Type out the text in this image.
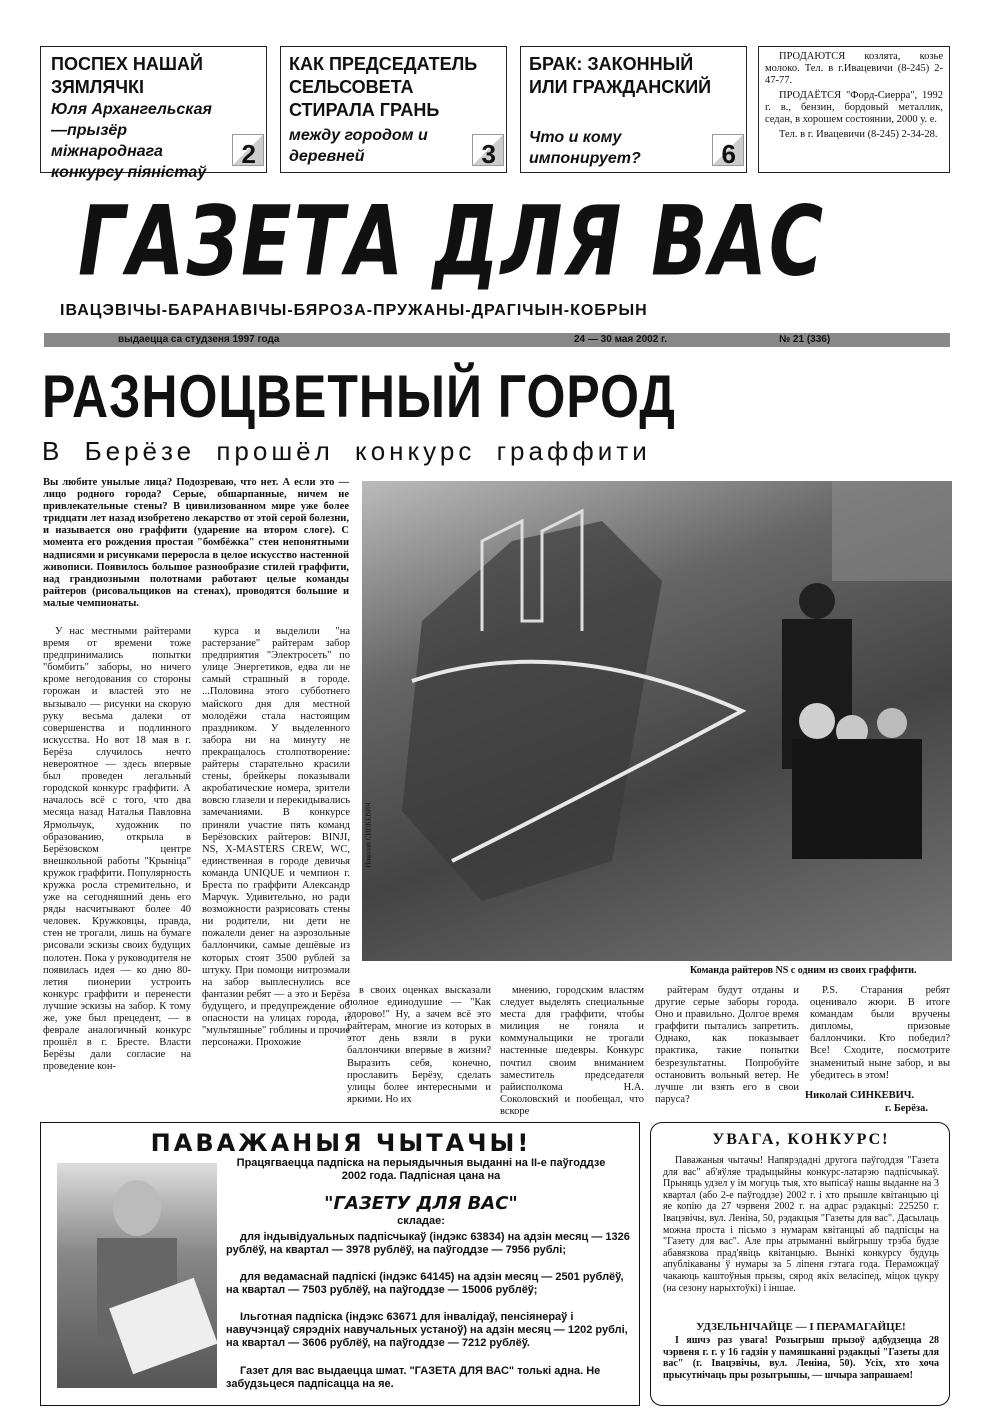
ПОСПЕХ НАШАЙ ЗЯМЛЯЧКІ
Юля Архангельская —прызёр міжнароднага конкурсу піяністаў
2
КАК ПРЕДСЕДАТЕЛЬ СЕЛЬСОВЕТА СТИРАЛА ГРАНЬ
между городом и деревней	3
БРАК: ЗАКОННЫЙ ИЛИ ГРАЖДАНСКИЙ
Что и кому импонирует?	6

ПРОДАЮТСЯ козлята, козье молоко. Тел. в г.Ивацевичи (8-245) 2-47-77.

ПРОДАЁТСЯ "Форд-Сиерра", 1992 г. в., бензин, бордовый металлик, седан, в хорошем состоянии, 2000 у. е.

Тел. в г. Ивацевичи (8-245) 2-34-28.

ГАЗЕТА ДЛЯ ВАС
ІВАЦЭВІЧЫ-БАРАНАВІЧЫ-БЯРОЗА-ПРУЖАНЫ-ДРАГІЧЫН-КОБРЫН
выдаецца са студзеня 1997 года	24 — 30 мая 2002 г.	№ 21 (336)
РАЗНОЦВЕТНЫЙ ГОРОД
В Берёзе прошёл конкурс граффити
Вы любите унылые лица? Подозреваю, что нет. А если это — лицо родного города? Серые, обшарпанные, ничем не привлекательные стены? В цивилизованном мире уже более тридцати лет назад изобретено лекарство от этой серой болезни, и называется оно граффити (ударение на втором слоге). С момента его рождения простая "бомбёжка" стен непонятными надписями и рисунками переросла в целое искусство настенной живописи. Появилось большое разнообразие стилей граффити, над грандиозными полотнами работают целые команды райтеров (рисовальщиков на стенах), проводятся большие и малые чемпионаты.

У нас местными райтерами время от времени тоже предпринимались попытки "бомбить" заборы, но ничего кроме негодования со стороны горожан и властей это не вызывало — рисунки на скорую руку весьма далеки от совершенства и подлинного искусства. Но вот 18 мая в г. Берёза случилось нечто невероятное — здесь впервые был проведен легальный городской конкурс граффити. А началось всё с того, что два месяца назад Наталья Павловна Ярмольчук, художник по образованию, открыла в Берёзовском центре внешкольной работы "Крыніца" кружок граффити. Популярность кружка росла стремительно, и уже на сегодняшний день его ряды насчитывают более 40 человек. Кружковцы, правда, стен не трогали, лишь на бумаге рисовали эскизы своих будущих полотен. Пока у руководителя не появилась идея — ко дню 80-летия пионерии устроить конкурс граффити и перенести лучшие эскизы на забор. К тому же, уже был прецедент, — в феврале аналогичный конкурс прошёл в г. Бресте. Власти Берёзы дали согласие на проведение кон-

курса и выделили "на растерзание" райтерам забор предприятия "Электросеть" по улице Энергетиков, едва ли не самый страшный в городе. ...Половина этого субботнего майского дня для местной молодёжи стала настоящим праздником. У выделенного забора ни на минуту не прекращалось столпотворение: райтеры старательно красили стены, брейкеры показывали акробатические номера, зрители вовсю глазели и перекидывались замечаниями. В конкурсе приняли участие пять команд Берёзовских райтеров: BINJI, NS, X-MASTERS CREW, WC, единственная в городе девичья команда UNIQUE и чемпион г. Бреста по граффити Александр Марчук. Удивительно, но ради возможности разрисовать стены ни родители, ни дети не пожалели денег на аэрозольные баллончики, самые дешёвые из которых стоят 3500 рублей за штуку. При помощи нитроэмали на забор выплеснулись все фантазии ребят — а это и Берёза будущего, и предупреждение об опасности на улицах города, и "мультяшные" гоблины и прочие персонажи. Прохожие

Николай СИНКЕВИЧ
Команда райтеров NS с одним из своих граффити.

в своих оценках высказали полное единодушие — "Как здорово!" Ну, а зачем всё это райтерам, многие из которых в этот день взяли в руки баллончики впервые в жизни? Выразить себя, конечно, прославить Берёзу, сделать улицы более интересными и яркими. Но их

мнению, городским властям следует выделять специальные места для граффити, чтобы милиция не гоняла и коммунальщики не трогали настенные шедевры. Конкурс почтил своим вниманием заместитель председателя райисполкома Н.А. Соколовский и пообещал, что вскоре

райтерам будут отданы и другие серые заборы города. Оно и правильно. Долгое время граффити пытались запретить. Однако, как показывает практика, такие попытки безрезультатны. Попробуйте остановить вольный ветер. Не лучше ли взять его в свои паруса?

P.S. Старания ребят оценивало жюри. В итоге командам были вручены дипломы, призовые баллончики. Кто победил? Все! Сходите, посмотрите знаменитый ныне забор, и вы убедитесь в этом!

Николай СИНКЕВИЧ.
г. Берёза.
ПАВАЖАНЫЯ ЧЫТАЧЫ!
Працягваецца падпіска на перыядычныя выданні на II-е паўгоддзе 2002 года. Падпісная цана на
"ГАЗЕТУ ДЛЯ ВАС"
складае:
для індывідуальных падпісчыкаў (індэкс 63834) на адзін месяц — 1326 рублёў, на квартал — 3978 рублёў, на паўгоддзе — 7956 рублі;
для ведамаснай падпіскі (індэкс 64145) на адзін месяц — 2501 рублёў, на квартал — 7503 рублёў, на паўгоддзе — 15006 рублёў;
Ільготная падпіска (індэкс 63671 для інвалідаў, пенсіянераў і навучэнцаў сярэдніх навучальных устаноў) на адзін месяц — 1202 рублі, на квартал — 3606 рублёў, на паўгоддзе — 7212 рублёў.
Газет для вас выдаецца шмат. "ГАЗЕТА ДЛЯ ВАС" толькі адна. Не забудзьцеся падпісацца на яе.
УВАГА, КОНКУРС!
Паважаныя чытачы! Напярэдадні другога паўгоддзя "Газета для вас" аб'яўляе традыцыйны конкурс-латарэю падпісчыкаў. Прыняць удзел у ім могуць тыя, хто выпісаў нашы выданне на 3 квартал (або 2-е паўгоддзе) 2002 г. і хто прышле квітанцыю ці яе копію да 27 чэрвеня 2002 г. на адрас рэдакцыі: 225250 г. Івацэвічы, вул. Леніна, 50, рэдакцыя "Газеты для вас". Дасылаць можна проста і пісьмо з нумарам квітанцыі аб падпісцы на "Газету для вас". Але пры атрыманні выйгрышу трэба будзе абавязкова прад'явіць квітанцыю. Вынікі конкурсу будуць апублікаваны ў нумары за 5 ліпеня гэтага года. Пераможцаў чакаюць каштоўныя прызы, сярод якіх веласіпед, міцок цукру (на сезону нарыхтоўкі) і іншае.
УДЗЕЛЬНІЧАЙЦЕ — І ПЕРАМАГАЙЦЕ!
І яшчэ раз увага! Розыгрыш прызоў адбудзецца 28 чэрвеня г. г. у 16 гадзін у памяшканні рэдакцыі "Газеты для вас" (г. Івацэвічы, вул. Леніна, 50). Усіх, хто хоча прысутнічаць пры розыгрышы, — шчыра запрашаем!
